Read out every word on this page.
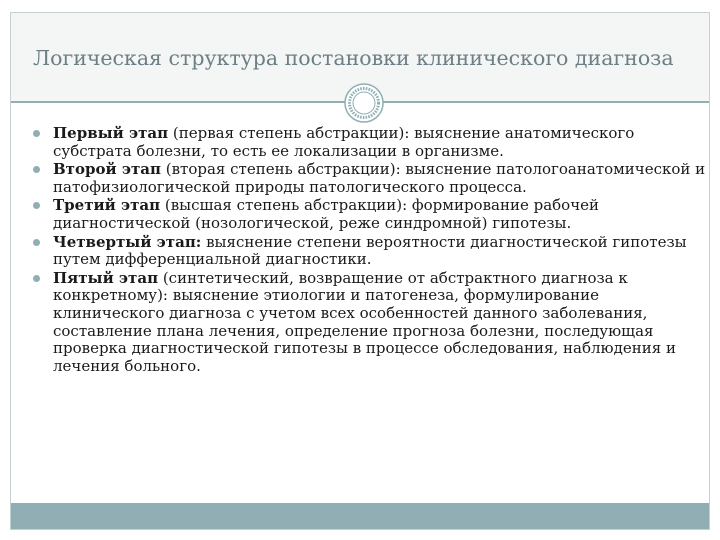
Логическая структура постановки клинического диагноза
Первый этап (первая степень абстракции): выяснение анатомического субстрата болезни, то есть ее локализации в организме.
Второй этап (вторая степень абстракции): выяснение патологоанатомической и патофизиологической природы патологического процесса.
Третий этап (высшая степень абстракции): формирование рабочей диагностической (нозологической, реже синдромной) гипотезы.
Четвертый этап: выяснение степени вероятности диагностической гипотезы путем дифференциальной диагностики.
Пятый этап (синтетический, возвращение от абстрактного диагноза к конкретному): выяснение этиологии и патогенеза, формулирование клинического диагноза с учетом всех особенностей данного заболевания, составление плана лечения, определение прогноза болезни, последующая проверка диагностической гипотезы в процессе обследования, наблюдения и лечения больного.
